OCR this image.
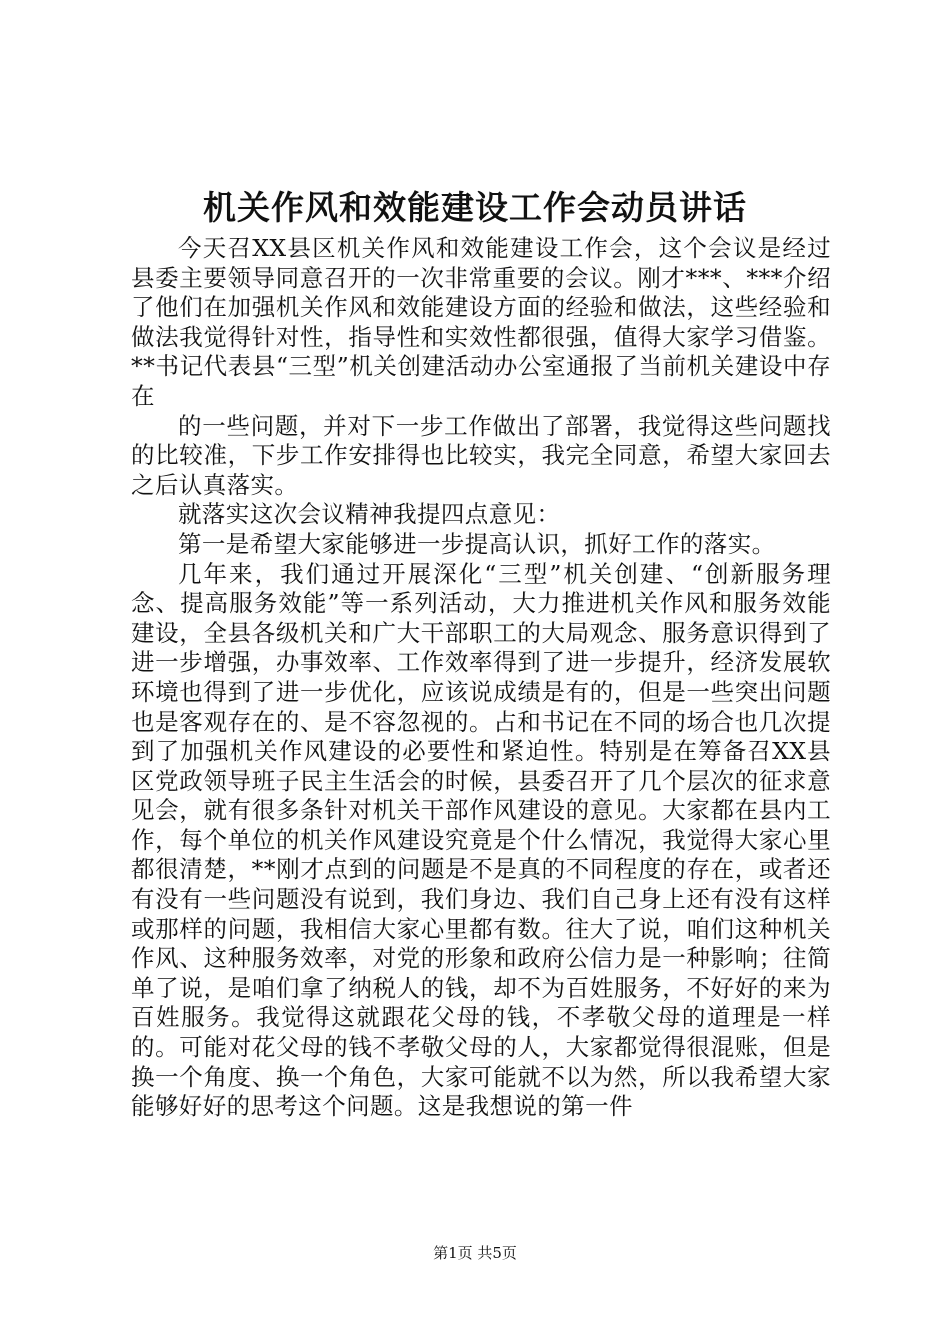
机关作风和效能建设工作会动员讲话

今天召XX县区机关作风和效能建设工作会，这个会议是经过县委主要领导同意召开的一次非常重要的会议。刚才***、***介绍了他们在加强机关作风和效能建设方面的经验和做法，这些经验和做法我觉得针对性，指导性和实效性都很强，值得大家学习借鉴。**书记代表县“三型”机关创建活动办公室通报了当前机关建设中存在

的一些问题，并对下一步工作做出了部署，我觉得这些问题找的比较准，下步工作安排得也比较实，我完全同意，希望大家回去之后认真落实。

就落实这次会议精神我提四点意见：

第一是希望大家能够进一步提高认识，抓好工作的落实。

几年来，我们通过开展深化“三型”机关创建、“创新服务理念、提高服务效能”等一系列活动，大力推进机关作风和服务效能建设，全县各级机关和广大干部职工的大局观念、服务意识得到了进一步增强，办事效率、工作效率得到了进一步提升，经济发展软环境也得到了进一步优化，应该说成绩是有的，但是一些突出问题也是客观存在的、是不容忽视的。占和书记在不同的场合也几次提到了加强机关作风建设的必要性和紧迫性。特别是在筹备召XX县区党政领导班子民主生活会的时候，县委召开了几个层次的征求意见会，就有很多条针对机关干部作风建设的意见。大家都在县内工作，每个单位的机关作风建设究竟是个什么情况，我觉得大家心里都很清楚，**刚才点到的问题是不是真的不同程度的存在，或者还有没有一些问题没有说到，我们身边、我们自己身上还有没有这样或那样的问题，我相信大家心里都有数。往大了说，咱们这种机关作风、这种服务效率，对党的形象和政府公信力是一种影响；往简单了说，是咱们拿了纳税人的钱，却不为百姓服务，不好好的来为百姓服务。我觉得这就跟花父母的钱，不孝敬父母的道理是一样的。可能对花父母的钱不孝敬父母的人，大家都觉得很混账，但是换一个角度、换一个角色，大家可能就不以为然，所以我希望大家能够好好的思考这个问题。这是我想说的第一件

第1页 共5页
